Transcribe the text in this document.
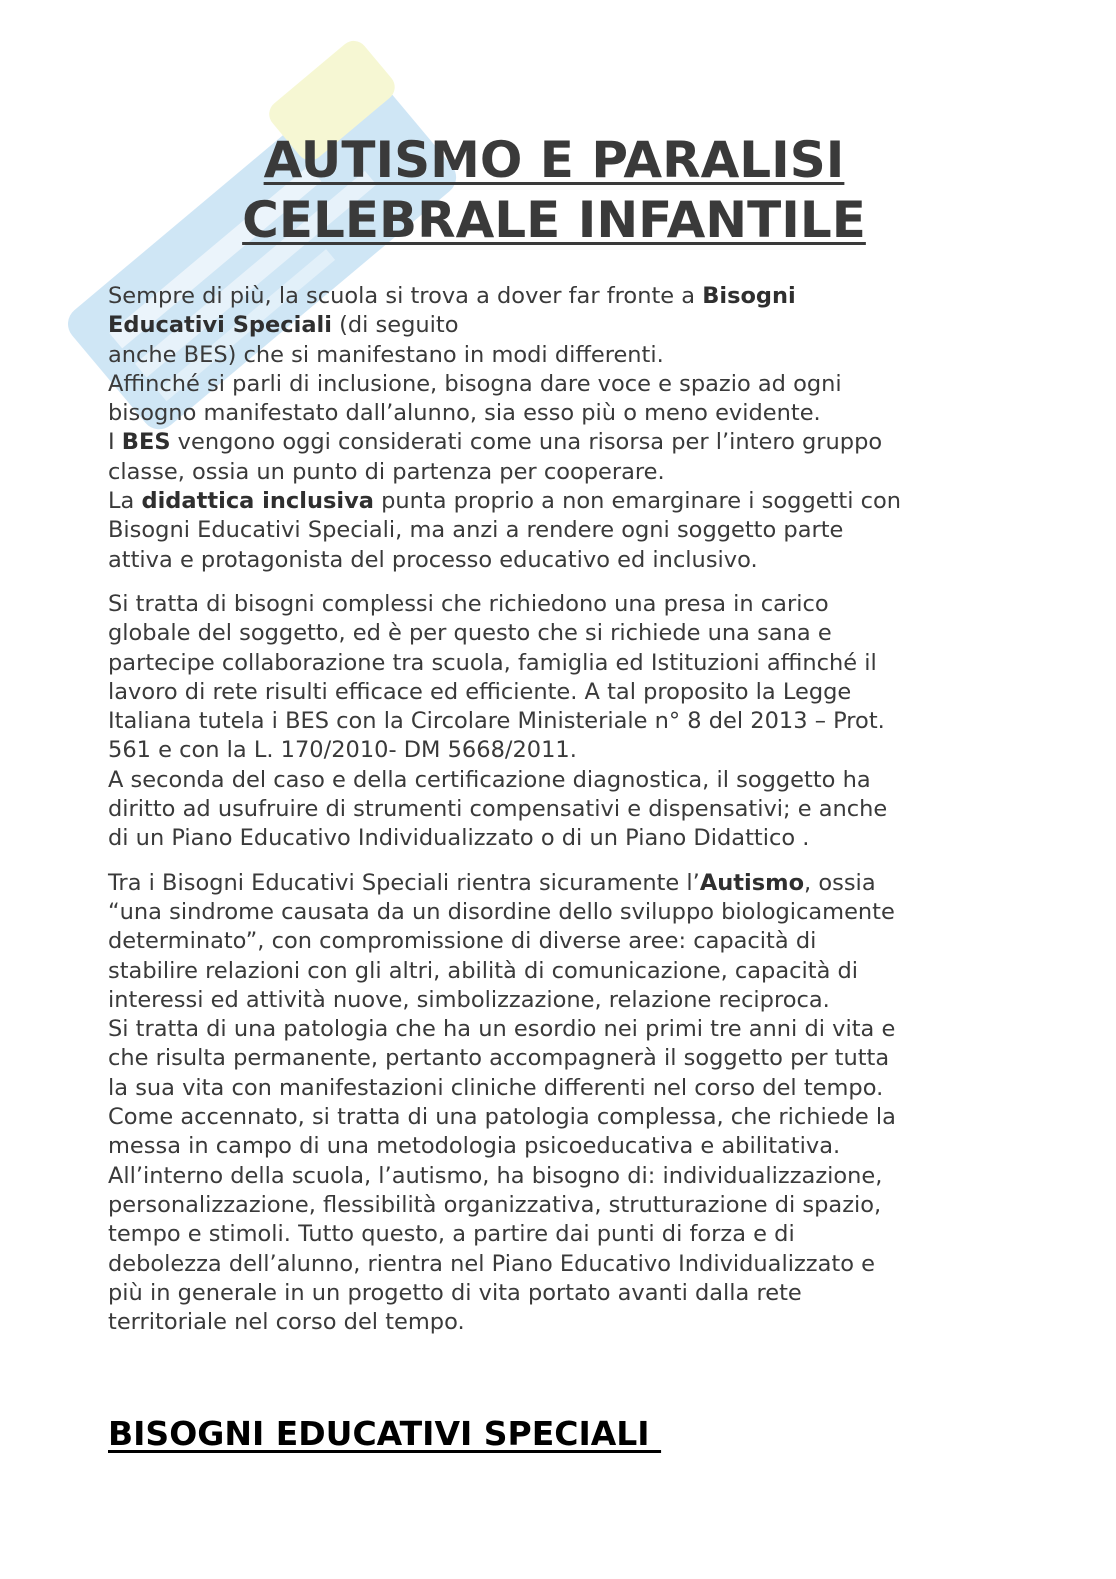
AUTISMO E PARALISI
CELEBRALE INFANTILE

Sempre di più, la scuola si trova a dover far fronte a Bisogni
Educativi Speciali (di seguito
anche BES) che si manifestano in modi differenti.
Affinché si parli di inclusione, bisogna dare voce e spazio ad ogni
bisogno manifestato dall’alunno, sia esso più o meno evidente.
I BES vengono oggi considerati come una risorsa per l’intero gruppo
classe, ossia un punto di partenza per cooperare.
La didattica inclusiva punta proprio a non emarginare i soggetti con
Bisogni Educativi Speciali, ma anzi a rendere ogni soggetto parte
attiva e protagonista del processo educativo ed inclusivo.

Si tratta di bisogni complessi che richiedono una presa in carico
globale del soggetto, ed è per questo che si richiede una sana e
partecipe collaborazione tra scuola, famiglia ed Istituzioni affinché il
lavoro di rete risulti efficace ed efficiente. A tal proposito la Legge
Italiana tutela i BES con la Circolare Ministeriale n° 8 del 2013 – Prot.
561 e con la L. 170/2010- DM 5668/2011.
A seconda del caso e della certificazione diagnostica, il soggetto ha
diritto ad usufruire di strumenti compensativi e dispensativi; e anche
di un Piano Educativo Individualizzato o di un Piano Didattico .

Tra i Bisogni Educativi Speciali rientra sicuramente l’Autismo, ossia
“una sindrome causata da un disordine dello sviluppo biologicamente
determinato”, con compromissione di diverse aree: capacità di
stabilire relazioni con gli altri, abilità di comunicazione, capacità di
interessi ed attività nuove, simbolizzazione, relazione reciproca.
Si tratta di una patologia che ha un esordio nei primi tre anni di vita e
che risulta permanente, pertanto accompagnerà il soggetto per tutta
la sua vita con manifestazioni cliniche differenti nel corso del tempo.
Come accennato, si tratta di una patologia complessa, che richiede la
messa in campo di una metodologia psicoeducativa e abilitativa.
All’interno della scuola, l’autismo, ha bisogno di: individualizzazione,
personalizzazione, flessibilità organizzativa, strutturazione di spazio,
tempo e stimoli. Tutto questo, a partire dai punti di forza e di
debolezza dell’alunno, rientra nel Piano Educativo Individualizzato e
più in generale in un progetto di vita portato avanti dalla rete
territoriale nel corso del tempo.

BISOGNI EDUCATIVI SPECIALI
